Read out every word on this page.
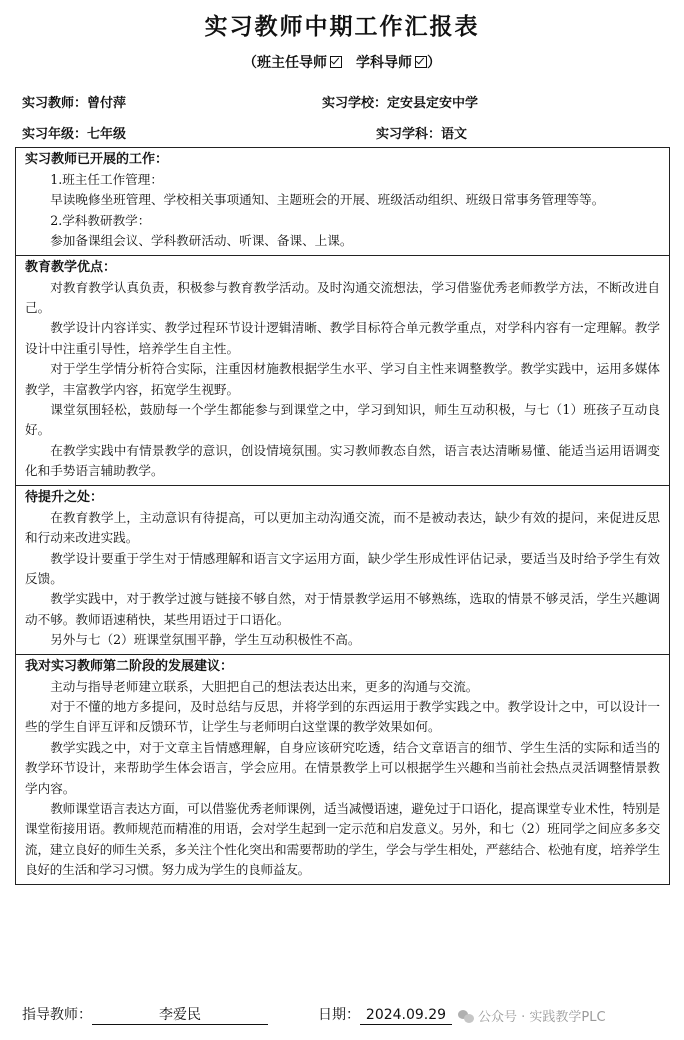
实习教师中期工作汇报表
（班主任导师 学科导师 ）
实习教师：曾付萍	实习学校：定安县定安中学
实习年级：七年级	实习学科：语文
实习教师已开展的工作：

1.班主任工作管理：

早读晚修坐班管理、学校相关事项通知、主题班会的开展、班级活动组织、班级日常事务管理等等。

2.学科教研教学：

参加备课组会议、学科教研活动、听课、备课、上课。

教育教学优点：

对教育教学认真负责，积极参与教育教学活动。及时沟通交流想法，学习借鉴优秀老师教学方法，不断改进自己。

教学设计内容详实、教学过程环节设计逻辑清晰、教学目标符合单元教学重点，对学科内容有一定理解。教学设计中注重引导性，培养学生自主性。

对于学生学情分析符合实际，注重因材施教根据学生水平、学习自主性来调整教学。教学实践中，运用多媒体教学，丰富教学内容，拓宽学生视野。

课堂氛围轻松，鼓励每一个学生都能参与到课堂之中，学习到知识，师生互动积极，与七（1）班孩子互动良好。

在教学实践中有情景教学的意识，创设情境氛围。实习教师教态自然，语言表达清晰易懂、能适当运用语调变化和手势语言辅助教学。

待提升之处：

在教育教学上，主动意识有待提高，可以更加主动沟通交流，而不是被动表达，缺少有效的提问，来促进反思和行动来改进实践。

教学设计要重于学生对于情感理解和语言文字运用方面，缺少学生形成性评估记录，要适当及时给予学生有效反馈。

教学实践中，对于教学过渡与链接不够自然，对于情景教学运用不够熟练，选取的情景不够灵活，学生兴趣调动不够。教师语速稍快，某些用语过于口语化。

另外与七（2）班课堂氛围平静，学生互动积极性不高。

我对实习教师第二阶段的发展建议：

主动与指导老师建立联系，大胆把自己的想法表达出来，更多的沟通与交流。

对于不懂的地方多提问，及时总结与反思，并将学到的东西运用于教学实践之中。教学设计之中，可以设计一些的学生自评互评和反馈环节，让学生与老师明白这堂课的教学效果如何。

教学实践之中，对于文章主旨情感理解，自身应该研究吃透，结合文章语言的细节、学生生活的实际和适当的教学环节设计，来帮助学生体会语言，学会应用。在情景教学上可以根据学生兴趣和当前社会热点灵活调整情景教学内容。

教师课堂语言表达方面，可以借鉴优秀老师课例，适当减慢语速，避免过于口语化，提高课堂专业术性，特别是课堂衔接用语。教师规范而精准的用语，会对学生起到一定示范和启发意义。另外，和七（2）班同学之间应多多交流，建立良好的师生关系，多关注个性化突出和需要帮助的学生，学会与学生相处，严慈结合、松弛有度，培养学生良好的生活和学习习惯。努力成为学生的良师益友。

指导教师：	李爱民	日期： 2024.09.29	公众号 · 实践教学PLC
